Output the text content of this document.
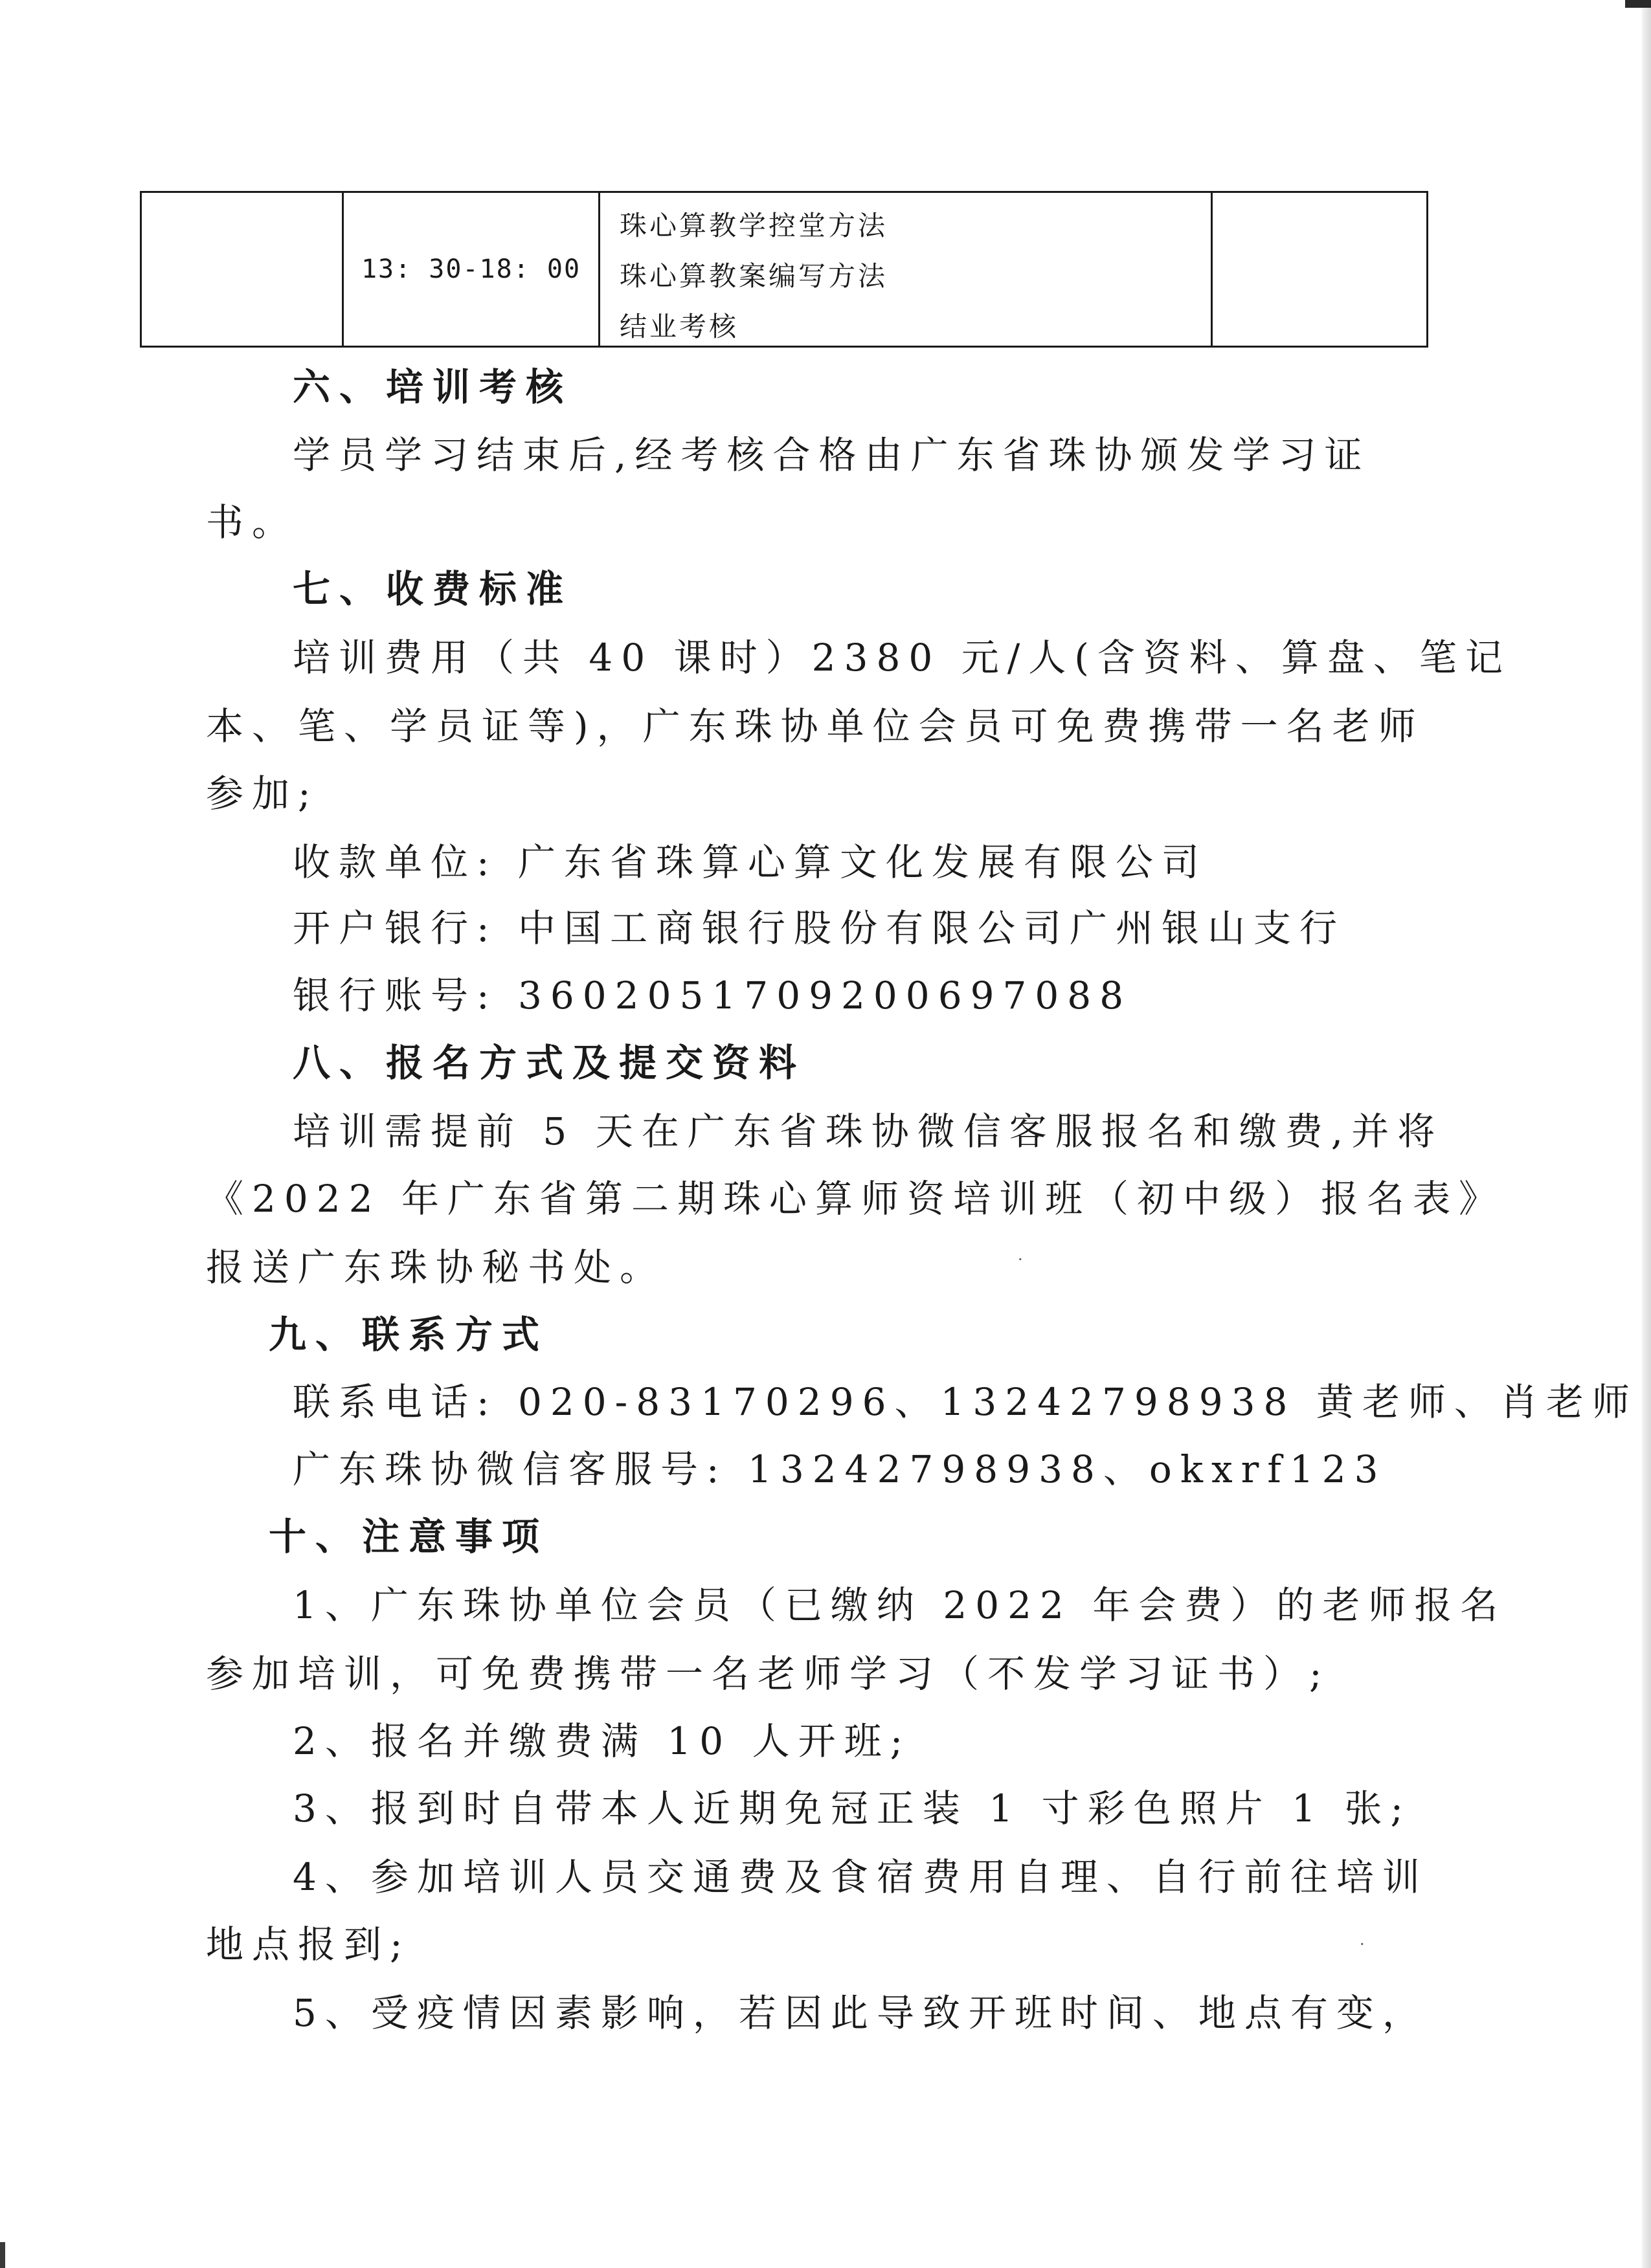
13: 30-18: 00
珠心算教学控堂方法
珠心算教案编写方法
结业考核
六、培训考核
学员学习结束后,经考核合格由广东省珠协颁发学习证
书。
七、收费标准
培训费用（共 40 课时）2380 元/人(含资料、算盘、笔记
本、笔、学员证等)，广东珠协单位会员可免费携带一名老师
参加;
收款单位: 广东省珠算心算文化发展有限公司
开户银行: 中国工商银行股份有限公司广州银山支行
银行账号: 3602051709200697088
八、报名方式及提交资料
培训需提前 5 天在广东省珠协微信客服报名和缴费,并将
《2022 年广东省第二期珠心算师资培训班（初中级）报名表》
报送广东珠协秘书处。
九、联系方式
联系电话: 020-83170296、13242798938 黄老师、肖老师
广东珠协微信客服号: 13242798938、okxrf123
十、注意事项
1、广东珠协单位会员（已缴纳 2022 年会费）的老师报名
参加培训，可免费携带一名老师学习（不发学习证书）;
2、报名并缴费满 10 人开班;
3、报到时自带本人近期免冠正装 1 寸彩色照片 1 张;
4、参加培训人员交通费及食宿费用自理、自行前往培训
地点报到;
5、受疫情因素影响，若因此导致开班时间、地点有变，
·
·
